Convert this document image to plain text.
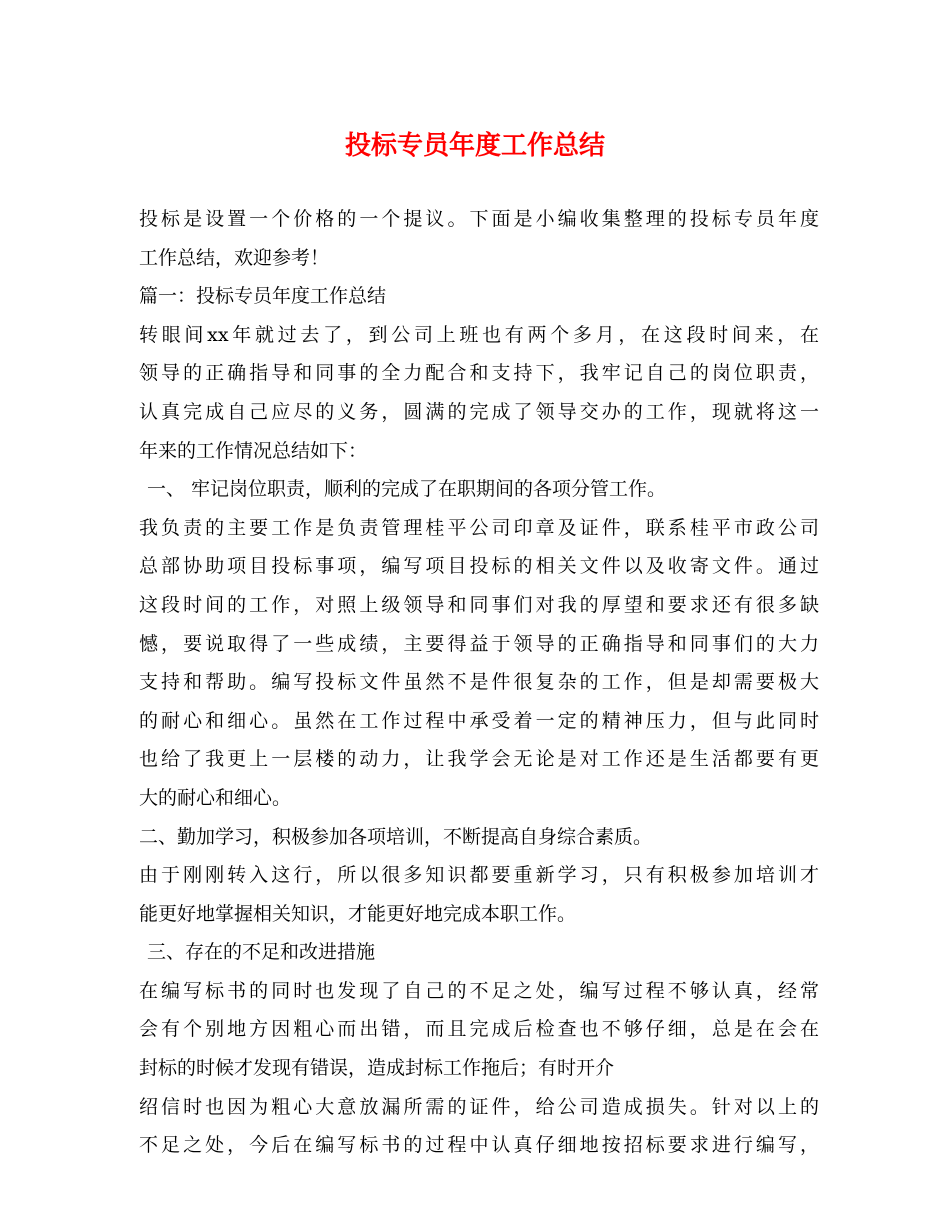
投标专员年度工作总结

投标是设置一个价格的一个提议。下面是小编收集整理的投标专员年度

工作总结，欢迎参考！

篇一：投标专员年度工作总结

转眼间xx年就过去了，到公司上班也有两个多月，在这段时间来，在

领导的正确指导和同事的全力配合和支持下，我牢记自己的岗位职责，

认真完成自己应尽的义务，圆满的完成了领导交办的工作，现就将这一

年来的工作情况总结如下：

一、 牢记岗位职责，顺利的完成了在职期间的各项分管工作。

我负责的主要工作是负责管理桂平公司印章及证件，联系桂平市政公司

总部协助项目投标事项，编写项目投标的相关文件以及收寄文件。通过

这段时间的工作，对照上级领导和同事们对我的厚望和要求还有很多缺

憾，要说取得了一些成绩，主要得益于领导的正确指导和同事们的大力

支持和帮助。编写投标文件虽然不是件很复杂的工作，但是却需要极大

的耐心和细心。虽然在工作过程中承受着一定的精神压力，但与此同时

也给了我更上一层楼的动力，让我学会无论是对工作还是生活都要有更

大的耐心和细心。

二、勤加学习，积极参加各项培训，不断提高自身综合素质。

由于刚刚转入这行，所以很多知识都要重新学习，只有积极参加培训才

能更好地掌握相关知识，才能更好地完成本职工作。

三、存在的不足和改进措施

在编写标书的同时也发现了自己的不足之处，编写过程不够认真，经常

会有个别地方因粗心而出错，而且完成后检查也不够仔细，总是在会在

封标的时候才发现有错误，造成封标工作拖后；有时开介

绍信时也因为粗心大意放漏所需的证件，给公司造成损失。针对以上的

不足之处，今后在编写标书的过程中认真仔细地按招标要求进行编写，
